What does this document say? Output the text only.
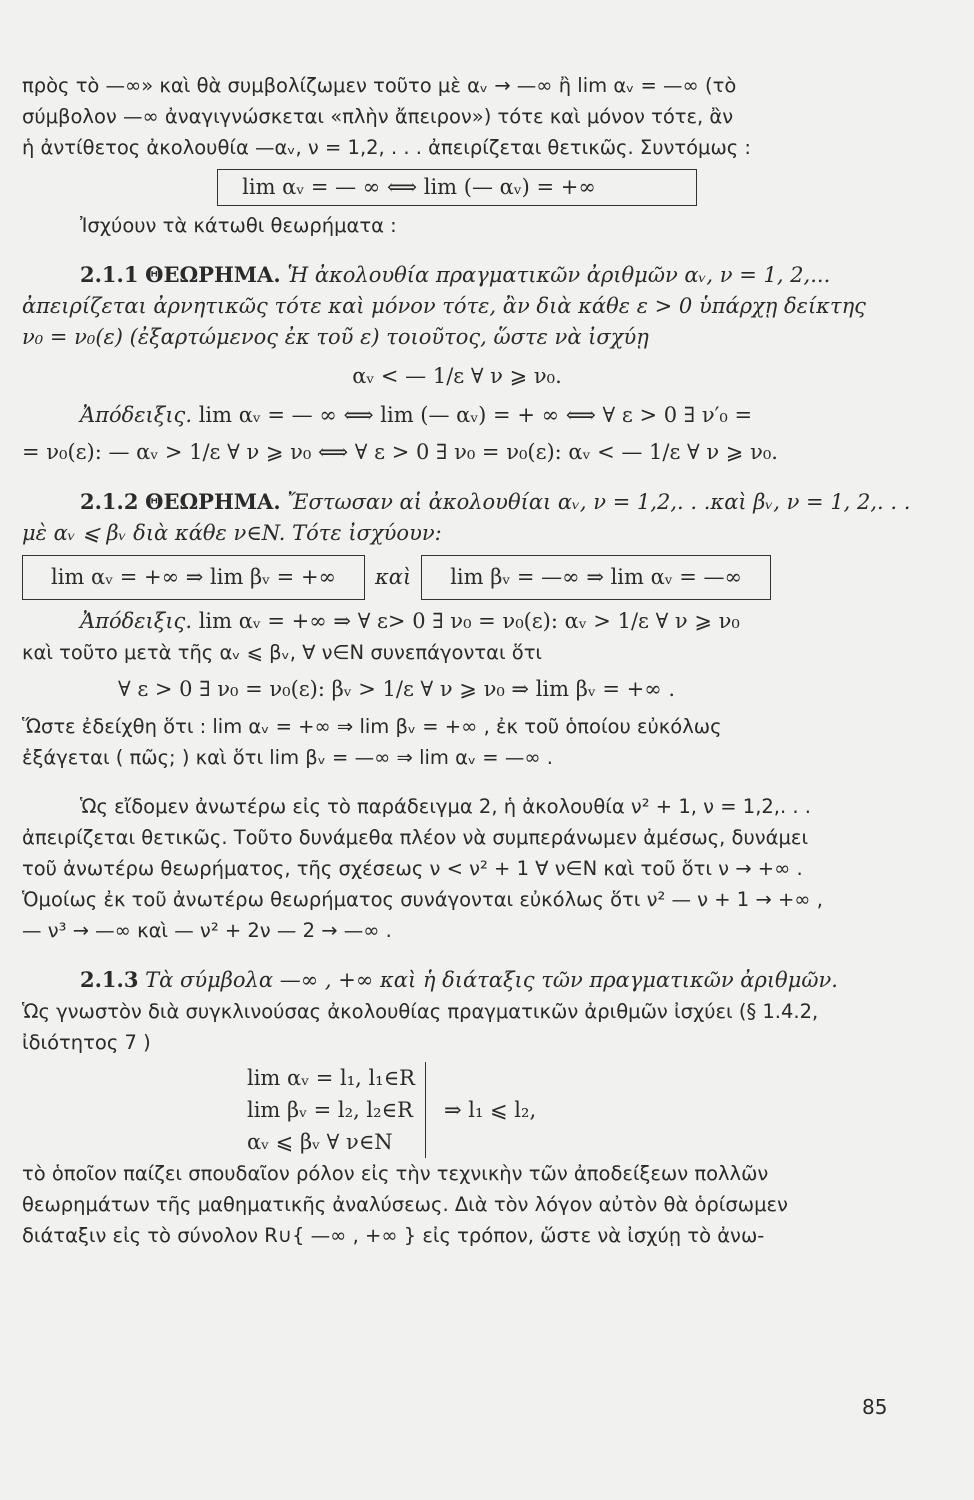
πρὸς τὸ —∞» καὶ θὰ συμβολίζωμεν τοῦτο μὲ αᵥ → —∞ ἢ lim αᵥ = —∞ (τὸ
σύμβολον —∞ ἀναγιγνώσκεται «πλὴν ἄπειρον») τότε καὶ μόνον τότε, ἂν
ἡ ἀντίθετος ἀκολουθία —αᵥ, ν = 1,2, . . . ἀπειρίζεται θετικῶς. Συντόμως :
lim αᵥ = — ∞ ⟺ lim (— αᵥ) = +∞
Ἰσχύουν τὰ κάτωθι θεωρήματα :
2.1.1 ΘΕΩΡΗΜΑ. Ἡ ἀκολουθία πραγματικῶν ἀριθμῶν αᵥ, ν = 1, 2,...
ἀπειρίζεται ἀρνητικῶς τότε καὶ μόνον τότε, ἂν διὰ κάθε ε > 0 ὑπάρχῃ δείκτης
ν₀ = ν₀(ε) (ἐξαρτώμενος ἐκ τοῦ ε) τοιοῦτος, ὥστε νὰ ἰσχύῃ
αᵥ < — 1/ε ∀ ν ⩾ ν₀.
Ἀπόδειξις. lim αᵥ = — ∞ ⟺ lim (— αᵥ) = + ∞ ⟺ ∀ ε > 0 ∃ ν′₀ =
= ν₀(ε): — αᵥ > 1/ε ∀ ν ⩾ ν₀ ⟺ ∀ ε > 0 ∃ ν₀ = ν₀(ε): αᵥ < — 1/ε ∀ ν ⩾ ν₀.
2.1.2 ΘΕΩΡΗΜΑ. Ἔστωσαν αἱ ἀκολουθίαι αᵥ, ν = 1,2,. . .καὶ βᵥ, ν = 1, 2,. . .
μὲ αᵥ ⩽ βᵥ διὰ κάθε ν∈N. Τότε ἰσχύουν:
lim αᵥ = +∞ ⇒ lim βᵥ = +∞	καὶ	lim βᵥ = —∞ ⇒ lim αᵥ = —∞
Ἀπόδειξις. lim αᵥ = +∞ ⇒ ∀ ε> 0 ∃ ν₀ = ν₀(ε): αᵥ > 1/ε ∀ ν ⩾ ν₀
καὶ τοῦτο μετὰ τῆς αᵥ ⩽ βᵥ, ∀ ν∈N συνεπάγονται ὅτι
∀ ε > 0 ∃ ν₀ = ν₀(ε): βᵥ > 1/ε ∀ ν ⩾ ν₀ ⇒ lim βᵥ = +∞ .
Ὥστε ἐδείχθη ὅτι : lim αᵥ = +∞ ⇒ lim βᵥ = +∞ , ἐκ τοῦ ὁποίου εὐκόλως
ἐξάγεται ( πῶς; ) καὶ ὅτι lim βᵥ = —∞ ⇒ lim αᵥ = —∞ .
Ὡς εἴδομεν ἀνωτέρω εἰς τὸ παράδειγμα 2, ἡ ἀκολουθία ν² + 1, ν = 1,2,. . .
ἀπειρίζεται θετικῶς. Τοῦτο δυνάμεθα πλέον νὰ συμπεράνωμεν ἀμέσως, δυνάμει
τοῦ ἀνωτέρω θεωρήματος, τῆς σχέσεως ν < ν² + 1 ∀ ν∈N καὶ τοῦ ὅτι ν → +∞ .
Ὁμοίως ἐκ τοῦ ἀνωτέρω θεωρήματος συνάγονται εὐκόλως ὅτι ν² — ν + 1 → +∞ ,
— ν³ → —∞ καὶ — ν² + 2ν — 2 → —∞ .
2.1.3 Τὰ σύμβολα —∞ , +∞ καὶ ἡ διάταξις τῶν πραγματικῶν ἀριθμῶν.
Ὡς γνωστὸν διὰ συγκλινούσας ἀκολουθίας πραγματικῶν ἀριθμῶν ἰσχύει (§ 1.4.2,
ἰδιότητος 7 )
lim αᵥ = l₁, l₁∈R
lim βᵥ = l₂, l₂∈R
αᵥ ⩽ βᵥ ∀ ν∈N
⇒ l₁ ⩽ l₂,
τὸ ὁποῖον παίζει σπουδαῖον ρόλον εἰς τὴν τεχνικὴν τῶν ἀποδείξεων πολλῶν
θεωρημάτων τῆς μαθηματικῆς ἀναλύσεως. Διὰ τὸν λόγον αὐτὸν θὰ ὁρίσωμεν
διάταξιν εἰς τὸ σύνολον R∪{ —∞ , +∞ } εἰς τρόπον, ὥστε νὰ ἰσχύῃ τὸ ἀνω-
85
